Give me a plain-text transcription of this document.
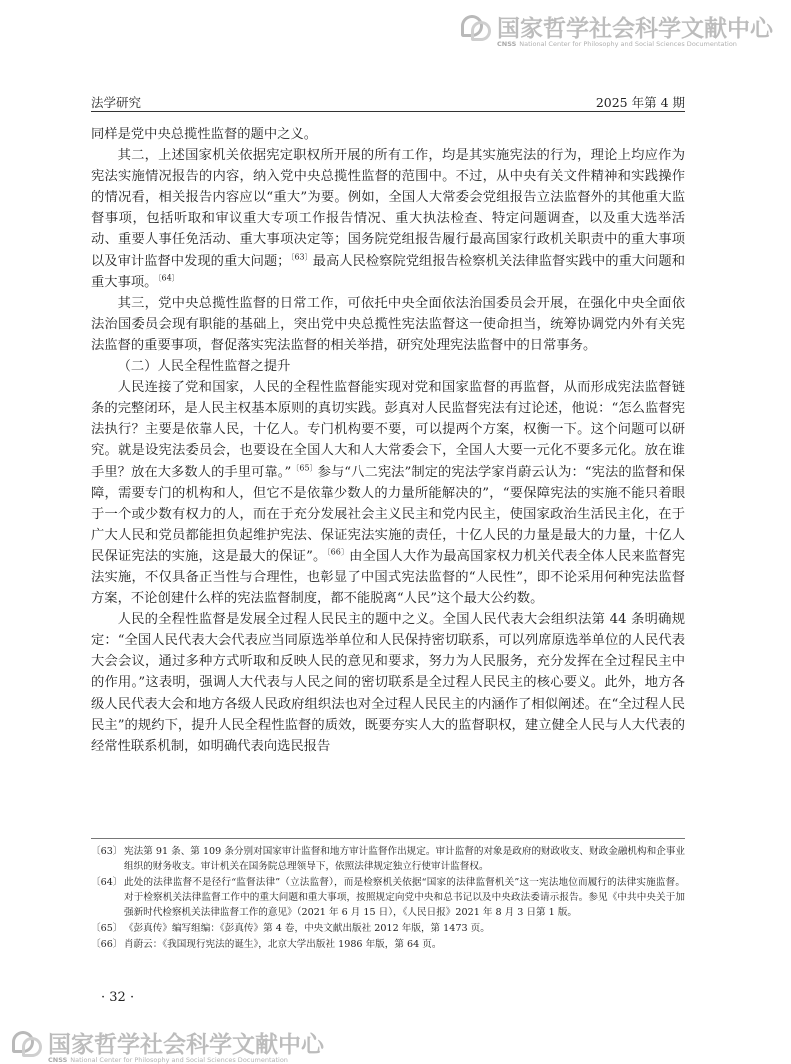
国家哲学社会科学文献中心
CNSS National Center for Philosophy and Social Sciences Documentation
法学研究	2025 年第 4 期

同样是党中央总揽性监督的题中之义。

其二，上述国家机关依据宪定职权所开展的所有工作，均是其实施宪法的行为，理论上均应作为宪法实施情况报告的内容，纳入党中央总揽性监督的范围中。不过，从中央有关文件精神和实践操作的情况看，相关报告内容应以“重大”为要。例如，全国人大常委会党组报告立法监督外的其他重大监督事项，包括听取和审议重大专项工作报告情况、重大执法检查、特定问题调查，以及重大选举活动、重要人事任免活动、重大事项决定等；国务院党组报告履行最高国家行政机关职责中的重大事项以及审计监督中发现的重大问题；$^{〔63〕}$最高人民检察院党组报告检察机关法律监督实践中的重大问题和重大事项。$^{〔64〕}$

其三，党中央总揽性监督的日常工作，可依托中央全面依法治国委员会开展，在强化中央全面依法治国委员会现有职能的基础上，突出党中央总揽性宪法监督这一使命担当，统筹协调党内外有关宪法监督的重要事项，督促落实宪法监督的相关举措，研究处理宪法监督中的日常事务。

（二）人民全程性监督之提升

人民连接了党和国家，人民的全程性监督能实现对党和国家监督的再监督，从而形成宪法监督链条的完整闭环，是人民主权基本原则的真切实践。彭真对人民监督宪法有过论述，他说：“怎么监督宪法执行？主要是依靠人民，十亿人。专门机构要不要，可以提两个方案，权衡一下。这个问题可以研究。就是设宪法委员会，也要设在全国人大和人大常委会下，全国人大要一元化不要多元化。放在谁手里？放在大多数人的手里可靠。”$^{〔65〕}$参与“八二宪法”制定的宪法学家肖蔚云认为：“宪法的监督和保障，需要专门的机构和人，但它不是依靠少数人的力量所能解决的”，“要保障宪法的实施不能只着眼于一个或少数有权力的人，而在于充分发展社会主义民主和党内民主，使国家政治生活民主化，在于广大人民和党员都能担负起维护宪法、保证宪法实施的责任，十亿人民的力量是最大的力量，十亿人民保证宪法的实施，这是最大的保证”。$^{〔66〕}$由全国人大作为最高国家权力机关代表全体人民来监督宪法实施，不仅具备正当性与合理性，也彰显了中国式宪法监督的“人民性”，即不论采用何种宪法监督方案，不论创建什么样的宪法监督制度，都不能脱离“人民”这个最大公约数。

人民的全程性监督是发展全过程人民民主的题中之义。全国人民代表大会组织法第 44 条明确规定：“全国人民代表大会代表应当同原选举单位和人民保持密切联系，可以列席原选举单位的人民代表大会会议，通过多种方式听取和反映人民的意见和要求，努力为人民服务，充分发挥在全过程民主中的作用。”这表明，强调人大代表与人民之间的密切联系是全过程人民民主的核心要义。此外，地方各级人民代表大会和地方各级人民政府组织法也对全过程人民民主的内涵作了相似阐述。在“全过程人民民主”的规约下，提升人民全程性监督的质效，既要夯实人大的监督职权，建立健全人民与人大代表的经常性联系机制，如明确代表向选民报告

〔63〕 宪法第 91 条、第 109 条分别对国家审计监督和地方审计监督作出规定。审计监督的对象是政府的财政收支、财政金融机构和企事业组织的财务收支。审计机关在国务院总理领导下，依照法律规定独立行使审计监督权。
〔64〕 此处的法律监督不是径行“监督法律”（立法监督），而是检察机关依据“国家的法律监督机关”这一宪法地位而履行的法律实施监督。对于检察机关法律监督工作中的重大问题和重大事项，按照规定向党中央和总书记以及中央政法委请示报告。参见《中共中央关于加强新时代检察机关法律监督工作的意见》（2021 年 6 月 15 日），《人民日报》2021 年 8 月 3 日第 1 版。
〔65〕 《彭真传》编写组编：《彭真传》第 4 卷，中央文献出版社 2012 年版，第 1473 页。
〔66〕 肖蔚云：《我国现行宪法的诞生》，北京大学出版社 1986 年版，第 64 页。
· 32 ·
国家哲学社会科学文献中心
CNSS National Center for Philosophy and Social Sciences Documentation
